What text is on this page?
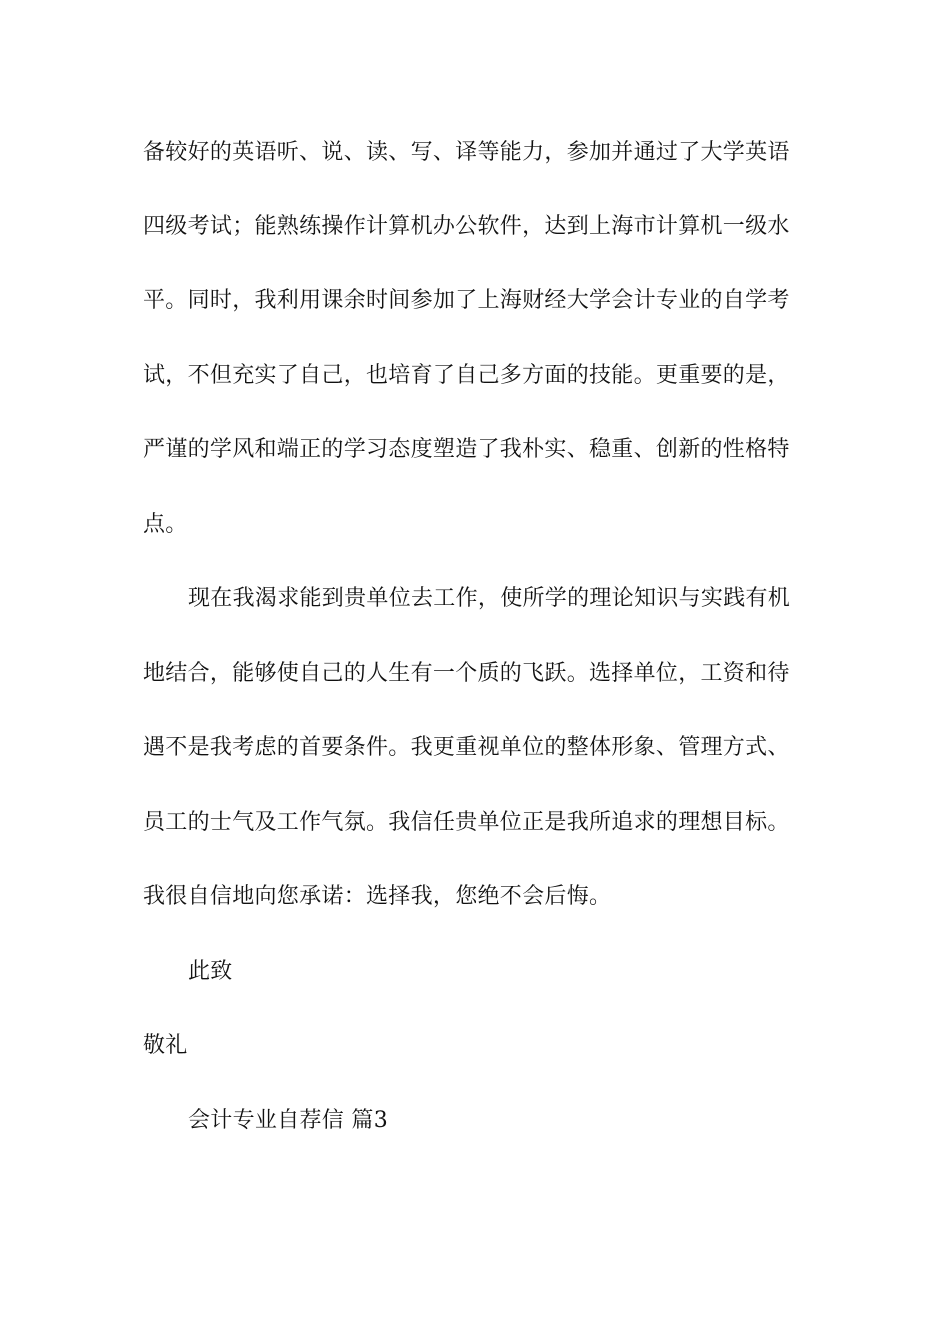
备较好的英语听、说、读、写、译等能力，参加并通过了大学英语
四级考试；能熟练操作计算机办公软件，达到上海市计算机一级水
平。同时，我利用课余时间参加了上海财经大学会计专业的自学考
试，不但充实了自己，也培育了自己多方面的技能。更重要的是，
严谨的学风和端正的学习态度塑造了我朴实、稳重、创新的性格特
点。
现在我渴求能到贵单位去工作，使所学的理论知识与实践有机
地结合，能够使自己的人生有一个质的飞跃。选择单位，工资和待
遇不是我考虑的首要条件。我更重视单位的整体形象、管理方式、
员工的士气及工作气氛。我信任贵单位正是我所追求的理想目标。
我很自信地向您承诺：选择我，您绝不会后悔。
此致
敬礼
会计专业自荐信 篇3
